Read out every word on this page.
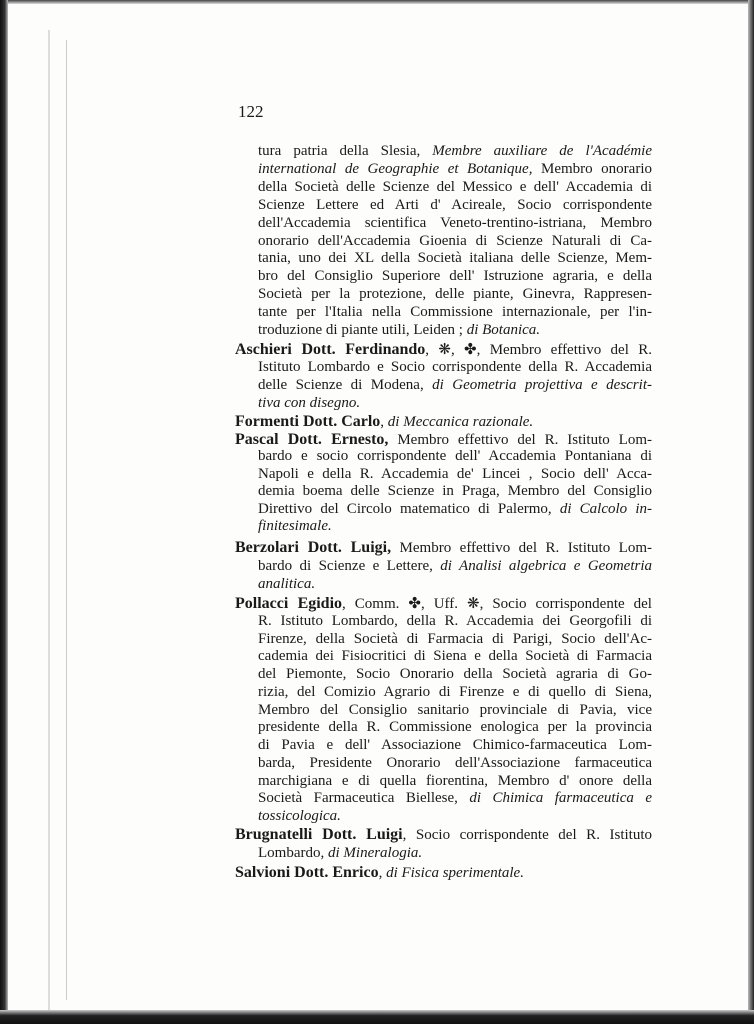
122
tura patria della Slesia, Membre auxiliare de l'Académie
international de Geographie et Botanique, Membro onorario
della Società delle Scienze del Messico e dell' Accademia di
Scienze Lettere ed Arti d' Acireale, Socio corrispondente
dell'Accademia scientifica Veneto-trentino-istriana, Membro
onorario dell'Accademia Gioenia di Scienze Naturali di Ca-
tania, uno dei XL della Società italiana delle Scienze, Mem-
bro del Consiglio Superiore dell' Istruzione agraria, e della
Società per la protezione, delle piante, Ginevra, Rappresen-
tante per l'Italia nella Commissione internazionale, per l'in-
troduzione di piante utili, Leiden ; di Botanica.
Aschieri Dott. Ferdinando, ❋, ✤, Membro effettivo del R.
Istituto Lombardo e Socio corrispondente della R. Accademia
delle Scienze di Modena, di Geometria projettiva e descrit-
tiva con disegno.
Formenti Dott. Carlo, di Meccanica razionale.
Pascal Dott. Ernesto, Membro effettivo del R. Istituto Lom-
bardo e socio corrispondente dell' Accademia Pontaniana di
Napoli e della R. Accademia de' Lincei , Socio dell' Acca-
demia boema delle Scienze in Praga, Membro del Consiglio
Direttivo del Circolo matematico di Palermo, di Calcolo in-
finitesimale.
Berzolari Dott. Luigi, Membro effettivo del R. Istituto Lom-
bardo di Scienze e Lettere, di Analisi algebrica e Geometria
analitica.
Pollacci Egidio, Comm. ✤, Uff. ❋, Socio corrispondente del
R. Istituto Lombardo, della R. Accademia dei Georgofili di
Firenze, della Società di Farmacia di Parigi, Socio dell'Ac-
cademia dei Fisiocritici di Siena e della Società di Farmacia
del Piemonte, Socio Onorario della Società agraria di Go-
rizia, del Comizio Agrario di Firenze e di quello di Siena,
Membro del Consiglio sanitario provinciale di Pavia, vice
presidente della R. Commissione enologica per la provincia
di Pavia e dell' Associazione Chimico-farmaceutica Lom-
barda, Presidente Onorario dell'Associazione farmaceutica
marchigiana e di quella fiorentina, Membro d' onore della
Società Farmaceutica Biellese, di Chimica farmaceutica e
tossicologica.
Brugnatelli Dott. Luigi, Socio corrispondente del R. Istituto
Lombardo, di Mineralogia.
Salvioni Dott. Enrico, di Fisica sperimentale.
